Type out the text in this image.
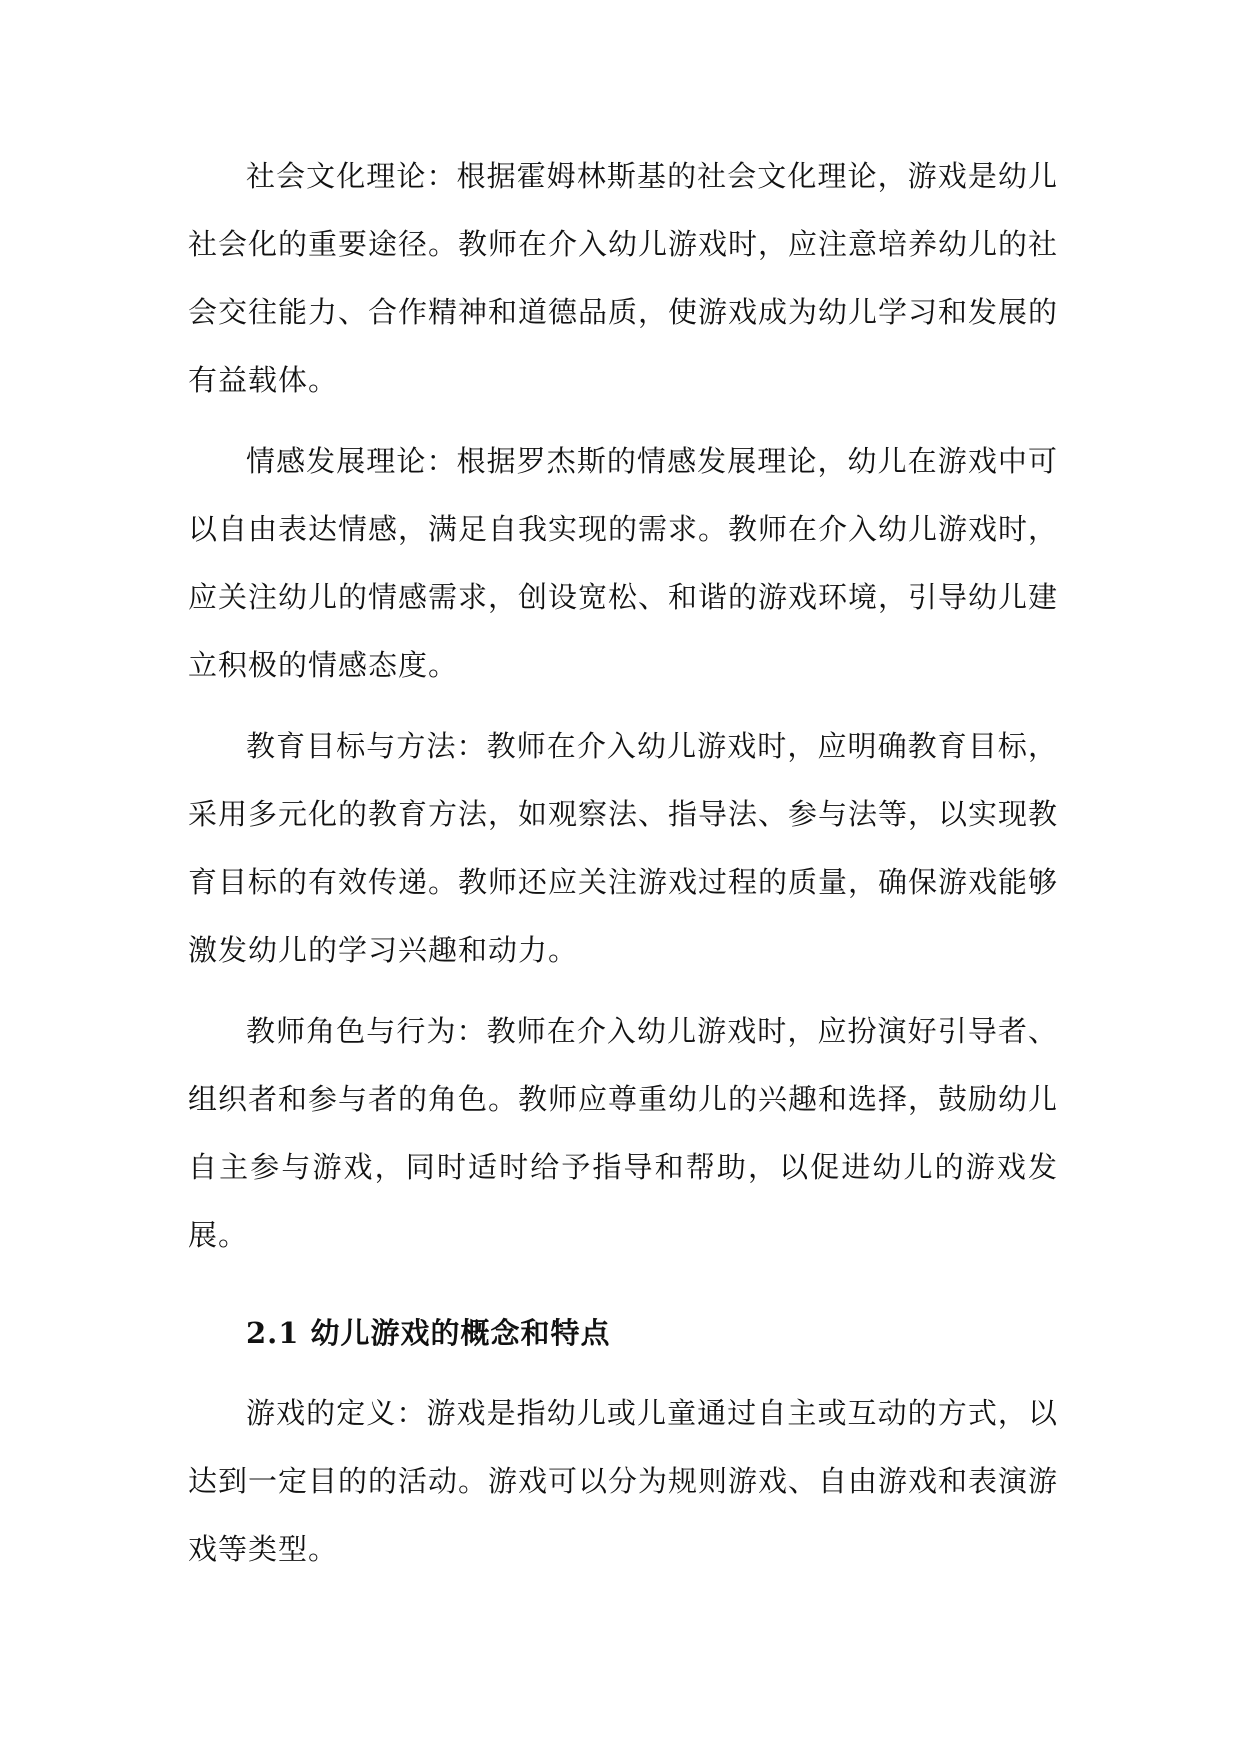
社会文化理论：根据霍姆林斯基的社会文化理论，游戏是幼儿社会化的重要途径。教师在介入幼儿游戏时，应注意培养幼儿的社会交往能力、合作精神和道德品质，使游戏成为幼儿学习和发展的有益载体。

情感发展理论：根据罗杰斯的情感发展理论，幼儿在游戏中可以自由表达情感，满足自我实现的需求。教师在介入幼儿游戏时，应关注幼儿的情感需求，创设宽松、和谐的游戏环境，引导幼儿建立积极的情感态度。

教育目标与方法：教师在介入幼儿游戏时，应明确教育目标，采用多元化的教育方法，如观察法、指导法、参与法等，以实现教育目标的有效传递。教师还应关注游戏过程的质量，确保游戏能够激发幼儿的学习兴趣和动力。

教师角色与行为：教师在介入幼儿游戏时，应扮演好引导者、组织者和参与者的角色。教师应尊重幼儿的兴趣和选择，鼓励幼儿自主参与游戏，同时适时给予指导和帮助，以促进幼儿的游戏发展。

2.1 幼儿游戏的概念和特点

游戏的定义：游戏是指幼儿或儿童通过自主或互动的方式，以达到一定目的的活动。游戏可以分为规则游戏、自由游戏和表演游戏等类型。
